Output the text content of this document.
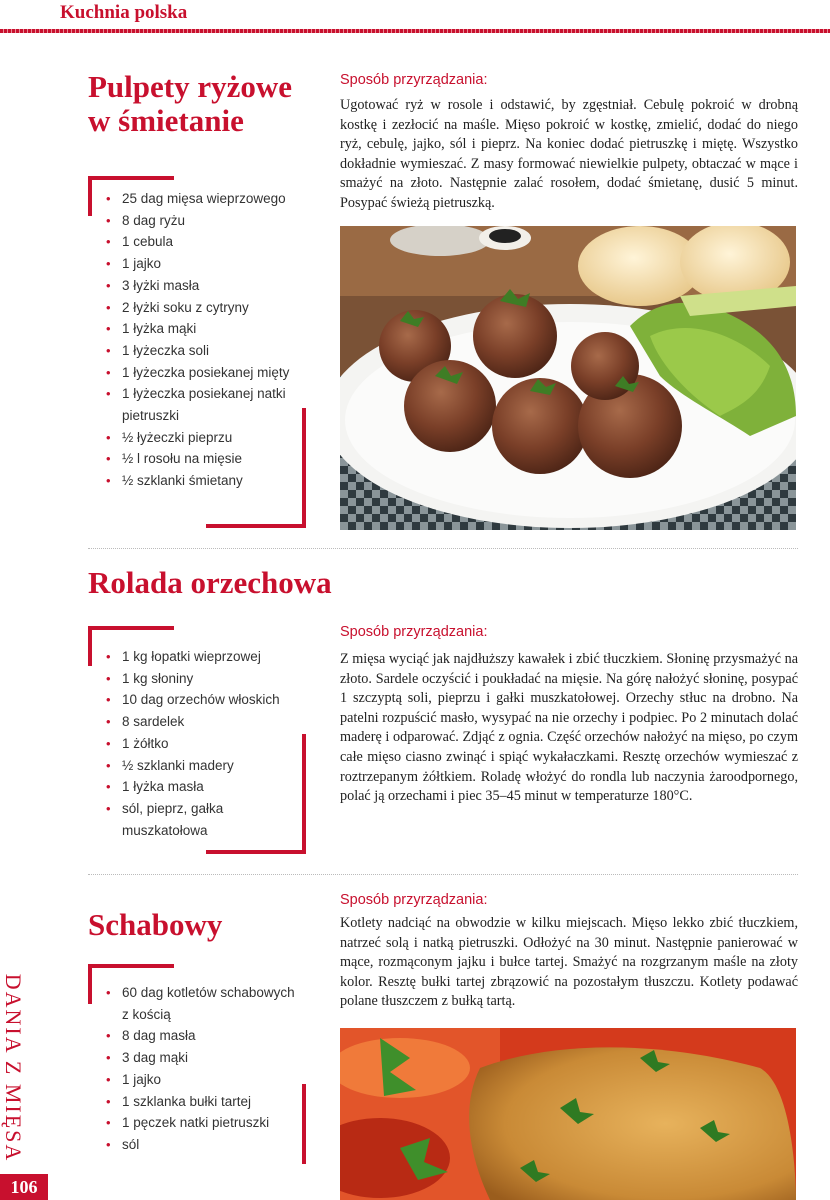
Kuchnia polska
DANIA Z MIĘSA
106
Pulpety ryżowe w śmietanie
• 25 dag mięsa wieprzowego
• 8 dag ryżu
• 1 cebula
• 1 jajko
• 3 łyżki masła
• 2 łyżki soku z cytryny
• 1 łyżka mąki
• 1 łyżeczka soli
• 1 łyżeczka posiekanej mięty
• 1 łyżeczka posiekanej natki pietruszki
• ½ łyżeczki pieprzu
• ½ l rosołu na mięsie
• ½ szklanki śmietany
Sposób przyrządzania:
Ugotować ryż w rosole i odstawić, by zgęstniał. Cebulę pokroić w drobną kostkę i zezłocić na maśle. Mięso pokroić w kostkę, zmielić, dodać do niego ryż, cebulę, jajko, sól i pieprz. Na koniec dodać pietruszkę i miętę. Wszystko dokładnie wymieszać. Z masy formować niewielkie pulpety, obtaczać w mące i smażyć na złoto. Następnie zalać rosołem, dodać śmietanę, dusić 5 minut. Posypać świeżą pietruszką.
Rolada orzechowa
• 1 kg łopatki wieprzowej
• 1 kg słoniny
• 10 dag orzechów włoskich
• 8 sardelek
• 1 żółtko
• ½ szklanki madery
• 1 łyżka masła
• sól, pieprz, gałka muszkatołowa
Sposób przyrządzania:
Z mięsa wyciąć jak najdłuższy kawałek i zbić tłuczkiem. Słoninę przysmażyć na złoto. Sardele oczyścić i poukładać na mięsie. Na górę nałożyć słoninę, posypać 1 szczyptą soli, pieprzu i gałki muszkatołowej. Orzechy stłuc na drobno. Na patelni rozpuścić masło, wysypać na nie orzechy i podpiec. Po 2 minutach dolać maderę i odparować. Zdjąć z ognia. Część orzechów nałożyć na mięso, po czym całe mięso ciasno zwinąć i spiąć wykałaczkami. Resztę orzechów wymieszać z roztrzepanym żółtkiem. Roladę włożyć do rondla lub naczynia żaroodpornego, polać ją orzechami i piec 35–45 minut w temperaturze 180°C.
Schabowy
• 60 dag kotletów schabowych z kością
• 8 dag masła
• 3 dag mąki
• 1 jajko
• 1 szklanka bułki tartej
• 1 pęczek natki pietruszki
• sól
Sposób przyrządzania:
Kotlety nadciąć na obwodzie w kilku miejscach. Mięso lekko zbić tłuczkiem, natrzeć solą i natką pietruszki. Odłożyć na 30 minut. Następnie panierować w mące, rozmąconym jajku i bułce tartej. Smażyć na rozgrzanym maśle na złoty kolor. Resztę bułki tartej zbrązowić na pozostałym tłuszczu. Kotlety podawać polane tłuszczem z bułką tartą.
